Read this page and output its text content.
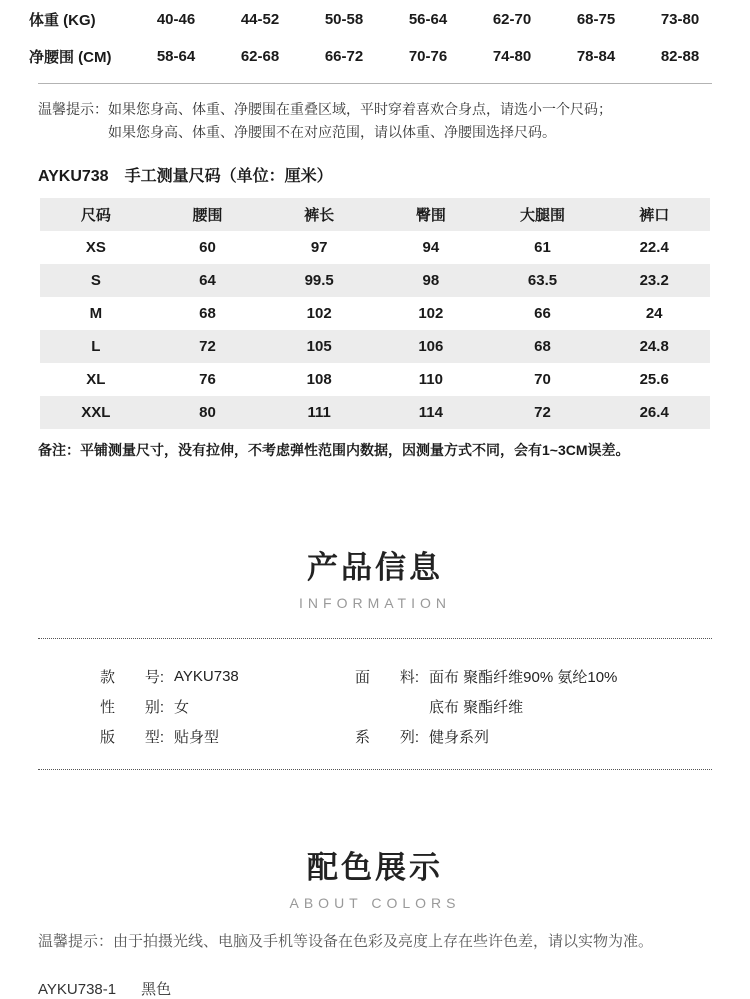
体重 (KG)	40-46	44-52	50-58	56-64	62-70	68-75	73-80
净腰围 (CM)	58-64	62-68	66-72	70-76	74-80	78-84	82-88
温馨提示： 如果您身高、体重、净腰围在重叠区域，平时穿着喜欢合身点，请选小一个尺码；
如果您身高、体重、净腰围不在对应范围，请以体重、净腰围选择尺码。
AYKU738　手工测量尺码（单位：厘米）
尺码	腰围	裤长	臀围	大腿围	裤口
XS	60	97	94	61	22.4
S	64	99.5	98	63.5	23.2
M	68	102	102	66	24
L	72	105	106	68	24.8
XL	76	108	110	70	25.6
XXL	80	111	114	72	26.4
备注：平铺测量尺寸，没有拉伸，不考虑弹性范围内数据，因测量方式不同，会有1~3CM误差。
产品信息
INFORMATION
款 号: AYKU738
性 别: 女
版 型: 贴身型
面 料: 面布 聚酯纤维90% 氨纶10%
底布 聚酯纤维
系 列: 健身系列
配色展示
ABOUT COLORS
温馨提示：由于拍摄光线、电脑及手机等设备在色彩及亮度上存在些许色差，请以实物为准。
AYKU738-1 黑色
